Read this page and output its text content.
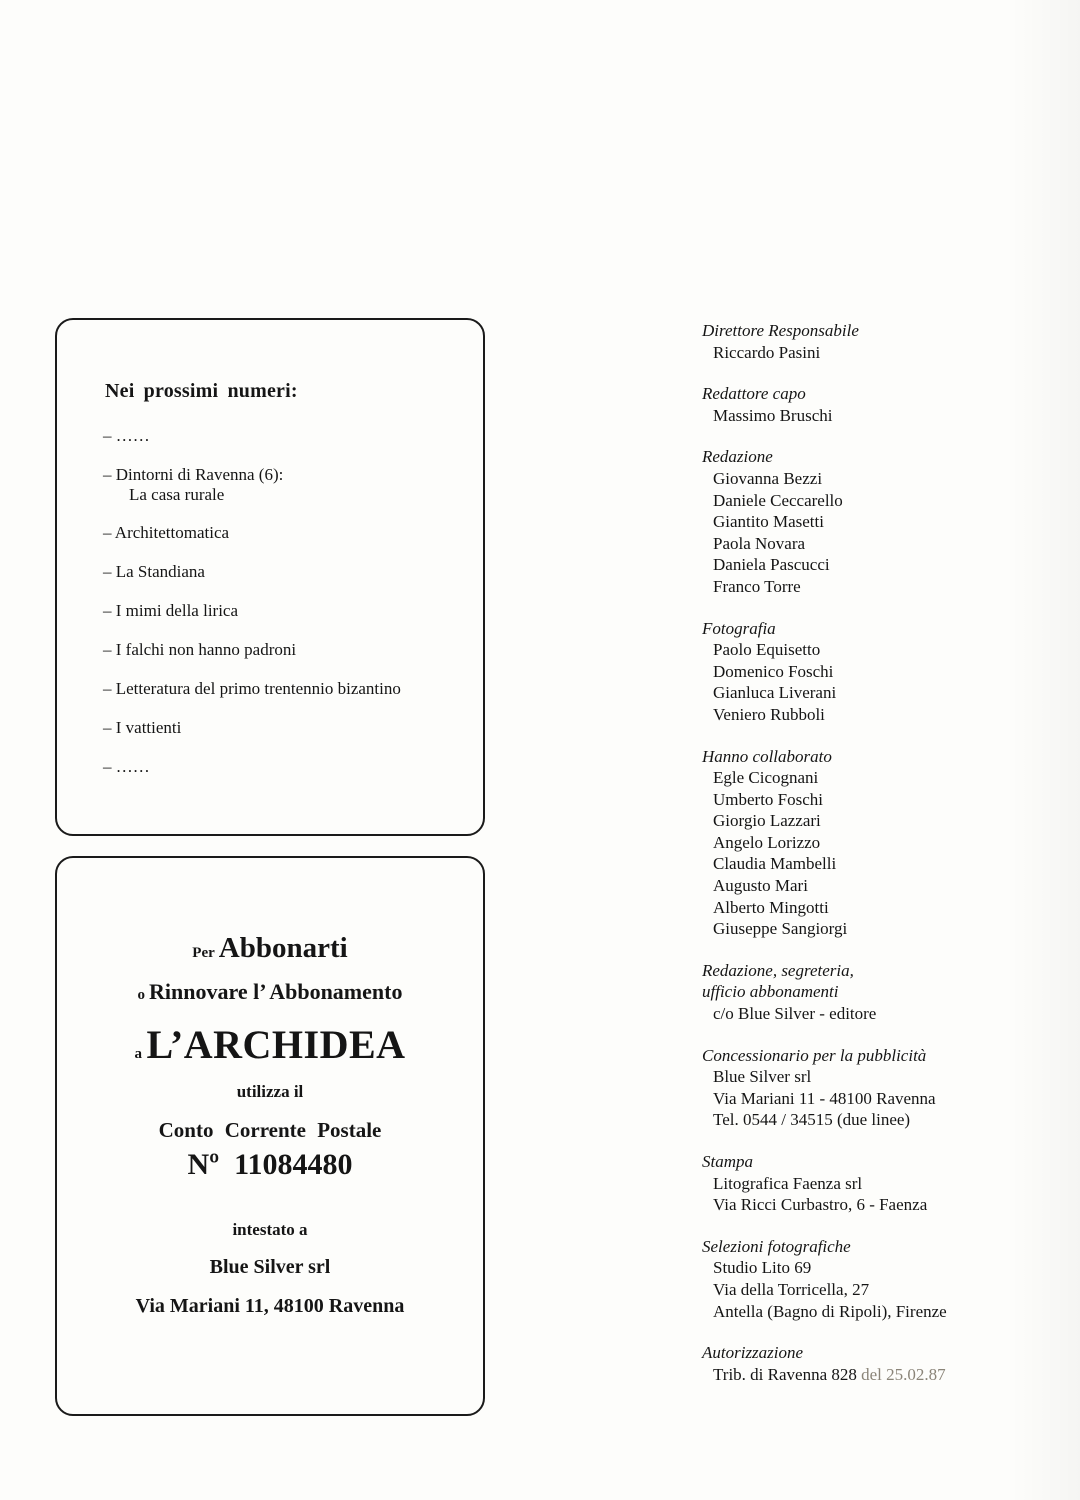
Nei prossimi numeri:

– ……

– Dintorni di Ravenna (6):
La casa rurale

– Architettomatica

– La Standiana

– I mimi della lirica

– I falchi non hanno padroni

– Letteratura del primo trentennio bizantino

– I vattienti

– ……

Per Abbonarti

o Rinnovare l’ Abbonamento

a L’ARCHIDEA

utilizza il

Conto Corrente Postale

Nº 11084480

intestato a

Blue Silver srl

Via Mariani 11, 48100 Ravenna

Direttore Responsabile

Riccardo Pasini

Redattore capo

Massimo Bruschi

Redazione

Giovanna Bezzi

Daniele Ceccarello

Giantito Masetti

Paola Novara

Daniela Pascucci

Franco Torre

Fotografia

Paolo Equisetto

Domenico Foschi

Gianluca Liverani

Veniero Rubboli

Hanno collaborato

Egle Cicognani

Umberto Foschi

Giorgio Lazzari

Angelo Lorizzo

Claudia Mambelli

Augusto Mari

Alberto Mingotti

Giuseppe Sangiorgi

Redazione, segreteria,

ufficio abbonamenti

c/o Blue Silver - editore

Concessionario per la pubblicità

Blue Silver srl

Via Mariani 11 - 48100 Ravenna

Tel. 0544 / 34515 (due linee)

Stampa

Litografica Faenza srl

Via Ricci Curbastro, 6 - Faenza

Selezioni fotografiche

Studio Lito 69

Via della Torricella, 27

Antella (Bagno di Ripoli), Firenze

Autorizzazione

Trib. di Ravenna 828 del 25.02.87
